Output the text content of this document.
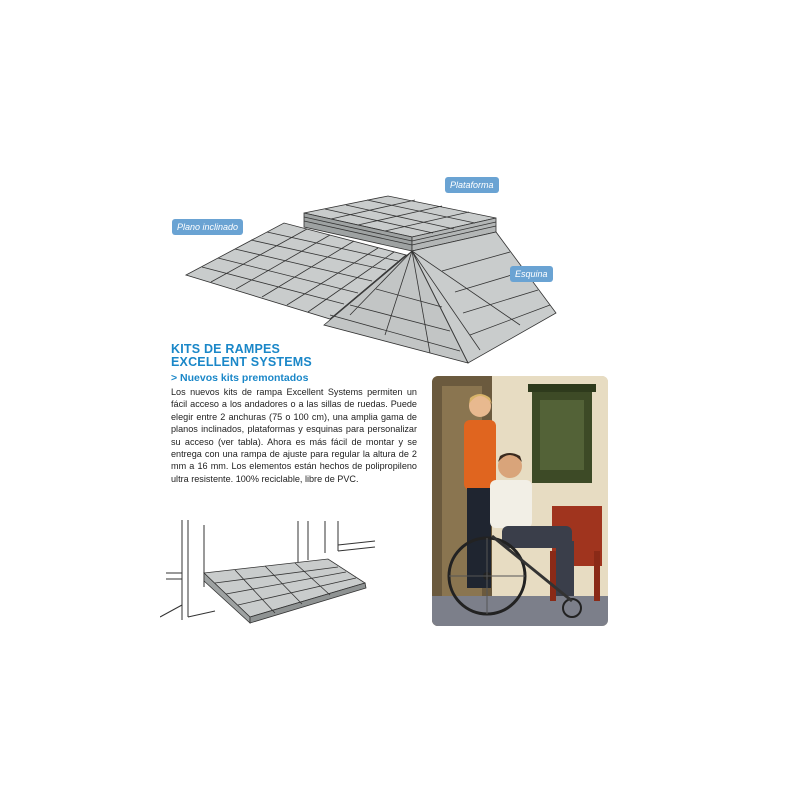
Plataforma
Plano inclinado
Esquina
KITS DE RAMPES
EXCELLENT SYSTEMS
> Nuevos kits premontados
Los nuevos kits de rampa Excellent Systems permiten un fácil acceso a los andadores o a las sillas de ruedas. Puede elegir entre 2 anchuras (75 o 100 cm), una amplia gama de planos inclinados, plataformas y esquinas para personalizar su acceso (ver tabla). Ahora es más fácil de montar y se entrega con una rampa de ajuste para regular la altura de 2 mm a 16 mm. Los elementos están hechos de polipropileno ultra resistente. 100% reciclable, libre de PVC.
